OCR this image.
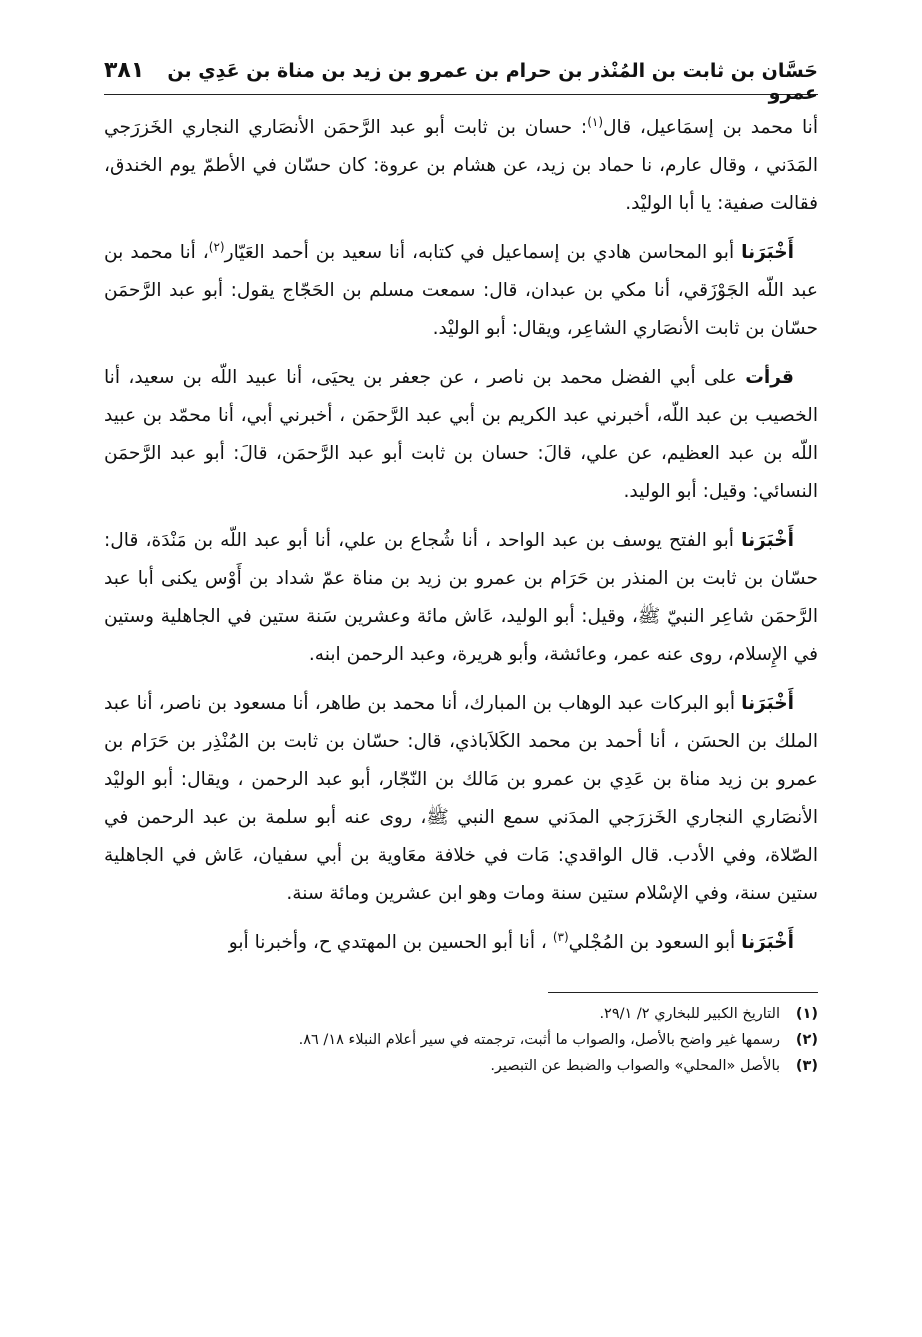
حَسَّان بن ثابت بن المُنْذر بن حرام بن عمرو بن زيد بن مناة بن عَدِي بن عمرو
٣٨١

أنا محمد بن إسمَاعيل، قال$^{(١)}$: حسان بن ثابت أبو عبد الرَّحمَن الأنصَاري النجاري الخَزرَجي المَدَني ، وقال عارم، نا حماد بن زيد، عن هشام بن عروة: كان حسّان في الأطمّ يوم الخندق، فقالت صفية: يا أبا الوليْد.

أَخْبَرَنا أبو المحاسن هادي بن إسماعيل في كتابه، أنا سعيد بن أحمد العَيّار$^{(٢)}$، أنا محمد بن عبد اللّه الجَوْزَقي، أنا مكي بن عبدان، قال: سمعت مسلم بن الحَجّاج يقول: أبو عبد الرَّحمَن حسّان بن ثابت الأنصَاري الشاعِر، ويقال: أبو الوليْد.

قرأت على أبي الفضل محمد بن ناصر ، عن جعفر بن يحيَى، أنا عبيد اللّه بن سعيد، أنا الخصيب بن عبد اللّه، أخبرني عبد الكريم بن أبي عبد الرَّحمَن ، أخبرني أبي، أنا محمّد بن عبيد اللّه بن عبد العظيم، عن علي، قالَ: حسان بن ثابت أبو عبد الرَّحمَن، قالَ: أبو عبد الرَّحمَن النسائي: وقيل: أبو الوليد.

أَخْبَرَنا أبو الفتح يوسف بن عبد الواحد ، أنا شُجاع بن علي، أنا أبو عبد اللّه بن مَنْدَة، قال: حسّان بن ثابت بن المنذر بن حَرَام بن عمرو بن زيد بن مناة عمّ شداد بن أَوْس يكنى أبا عبد الرَّحمَن شاعِر النبيّ ﷺ، وقيل: أبو الوليد، عَاش مائة وعشرين سَنة ستين في الجاهلية وستين في الإِسلام، روى عنه عمر، وعائشة، وأبو هريرة، وعبد الرحمن ابنه.

أَخْبَرَنا أبو البركات عبد الوهاب بن المبارك، أنا محمد بن طاهر، أنا مسعود بن ناصر، أنا عبد الملك بن الحسَن ، أنا أحمد بن محمد الكَلاَباذي، قال: حسّان بن ثابت بن المُنْذِر بن حَرَام بن عمرو بن زيد مناة بن عَدِي بن عمرو بن مَالك بن النّجّار، أبو عبد الرحمن ، ويقال: أبو الوليْد الأنصَاري النجاري الخَزرَجي المدَني سمع النبي ﷺ، روى عنه أبو سلمة بن عبد الرحمن في الصّلاة، وفي الأدب. قال الواقدي: مَات في خلافة معَاوية بن أبي سفيان، عَاش في الجاهلية ستين سنة، وفي الإسْلام ستين سنة ومات وهو ابن عشرين ومائة سنة.

أَخْبَرَنا أبو السعود بن المُجْلي$^{(٣)}$ ، أنا أبو الحسين بن المهتدي ح، وأخبرنا أبو

(١)
التاريخ الكبير للبخاري ٢/ ٢٩/١.
(٢)
رسمها غير واضح بالأصل، والصواب ما أثبت، ترجمته في سير أعلام النبلاء ١٨/ ٨٦.
(٣)
بالأصل «المحلي» والصواب والضبط عن التبصير.
